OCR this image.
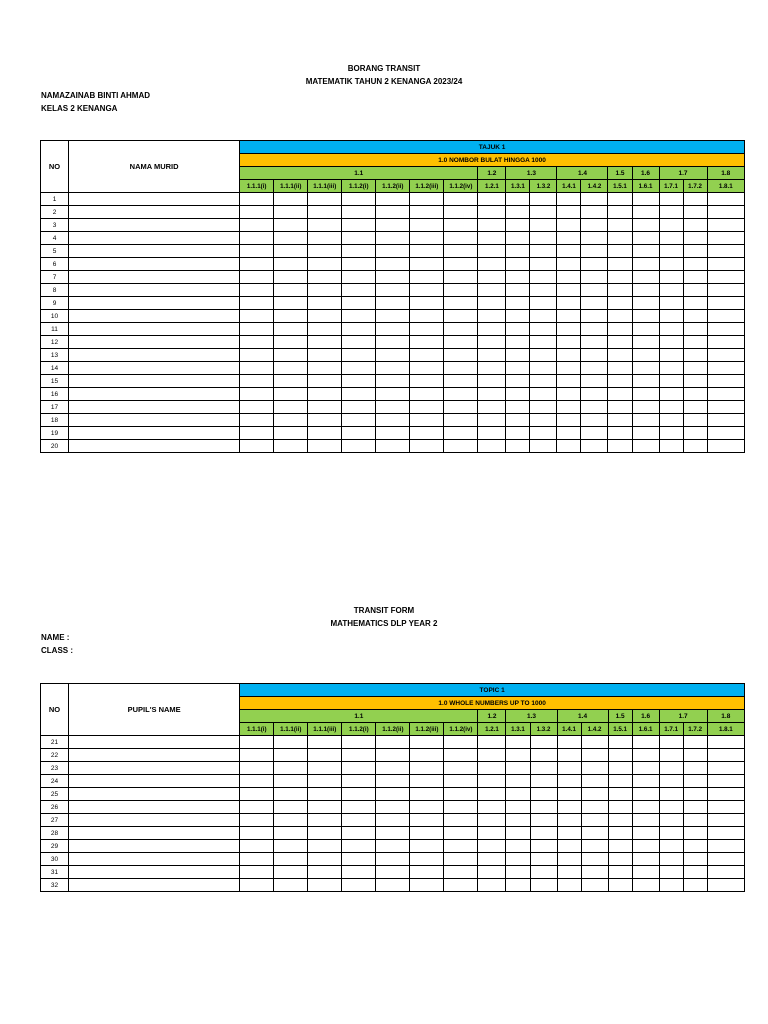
BORANG TRANSIT
MATEMATIK TAHUN 2 KENANGA 2023/24
NAMAZAINAB BINTI AHMAD
KELAS 2 KENANGA
NO	NAMA MURID	TAJUK 1																
		1.0 NOMBOR BULAT HINGGA 1000																
		1.1							1.2	1.3		1.4		1.5	1.6	1.7		1.8
		1.1.1(i)	1.1.1(ii)	1.1.1(iii)	1.1.2(i)	1.1.2(ii)	1.1.2(iii)	1.1.2(iv)	1.2.1	1.3.1	1.3.2	1.4.1	1.4.2	1.5.1	1.6.1	1.7.1	1.7.2	1.8.1
1																		
2																		
3																		
4																		
5																		
6																		
7																		
8																		
9																		
10																		
11																		
12																		
13																		
14																		
15																		
16																		
17																		
18																		
19																		
20																		
TRANSIT FORM
MATHEMATICS DLP YEAR 2
NAME :
CLASS :
NO	PUPIL'S NAME	TOPIC 1																
		1.0 WHOLE NUMBERS UP TO 1000																
		1.1							1.2	1.3		1.4		1.5	1.6	1.7		1.8
		1.1.1(i)	1.1.1(ii)	1.1.1(iii)	1.1.2(i)	1.1.2(ii)	1.1.2(iii)	1.1.2(iv)	1.2.1	1.3.1	1.3.2	1.4.1	1.4.2	1.5.1	1.6.1	1.7.1	1.7.2	1.8.1
21																		
22																		
23																		
24																		
25																		
26																		
27																		
28																		
29																		
30																		
31																		
32																		
